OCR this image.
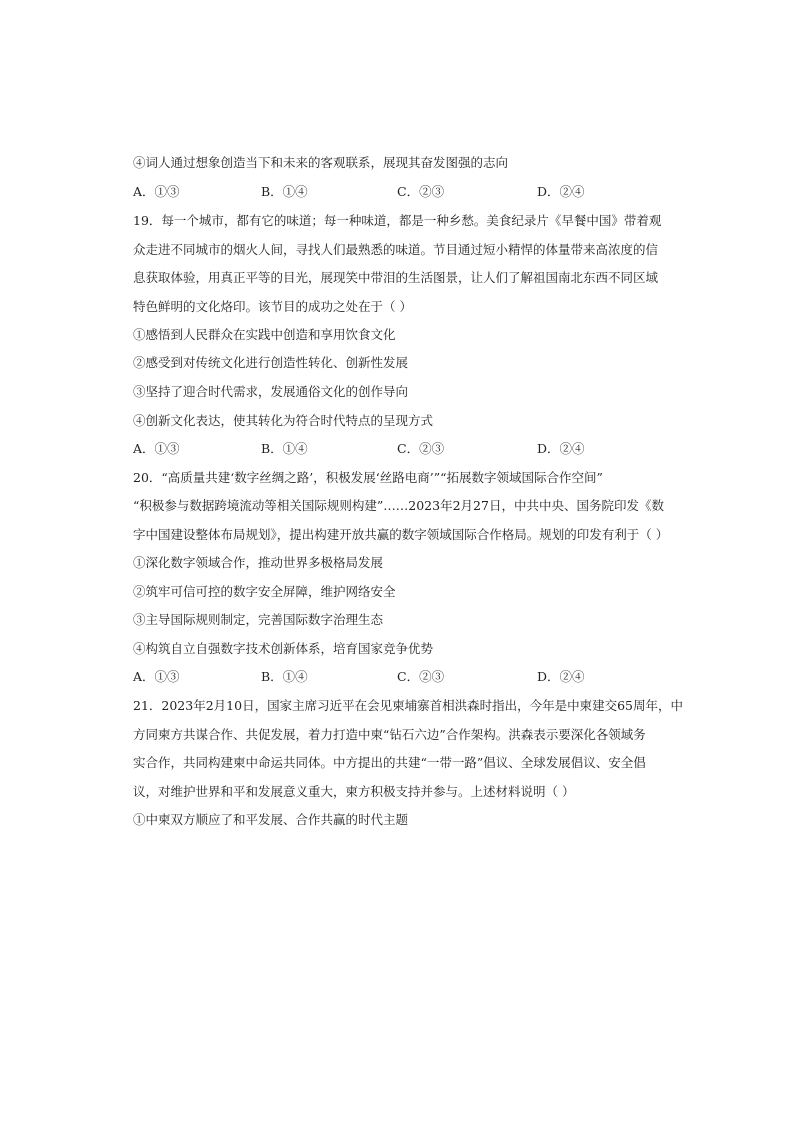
④词人通过想象创造当下和未来的客观联系，展现其奋发图强的志向
A．①③	B．①④	C．②③	D．②④
19．每一个城市，都有它的味道；每一种味道，都是一种乡愁。美食纪录片《早餐中国》带着观
众走进不同城市的烟火人间，寻找人们最熟悉的味道。节目通过短小精悍的体量带来高浓度的信
息获取体验，用真正平等的目光，展现笑中带泪的生活图景，让人们了解祖国南北东西不同区域
特色鲜明的文化烙印。该节目的成功之处在于（ ）
①感悟到人民群众在实践中创造和享用饮食文化
②感受到对传统文化进行创造性转化、创新性发展
③坚持了迎合时代需求，发展通俗文化的创作导向
④创新文化表达，使其转化为符合时代特点的呈现方式
A．①③	B．①④	C．②③	D．②④
20．“高质量共建‘数字丝绸之路’，积极发展‘丝路电商’”“拓展数字领域国际合作空间”
“积极参与数据跨境流动等相关国际规则构建”……2023年2月27日，中共中央、国务院印发《数
字中国建设整体布局规划》，提出构建开放共赢的数字领域国际合作格局。规划的印发有利于（ ）
①深化数字领域合作，推动世界多极格局发展
②筑牢可信可控的数字安全屏障，维护网络安全
③主导国际规则制定，完善国际数字治理生态
④构筑自立自强数字技术创新体系，培育国家竞争优势
A．①③	B．①④	C．②③	D．②④
21．2023年2月10日，国家主席习近平在会见柬埔寨首相洪森时指出，今年是中柬建交65周年，中
方同柬方共谋合作、共促发展，着力打造中柬“钻石六边”合作架构。洪森表示要深化各领域务
实合作，共同构建柬中命运共同体。中方提出的共建“一带一路”倡议、全球发展倡议、安全倡
议，对维护世界和平和发展意义重大，柬方积极支持并参与。上述材料说明（ ）
①中柬双方顺应了和平发展、合作共赢的时代主题
